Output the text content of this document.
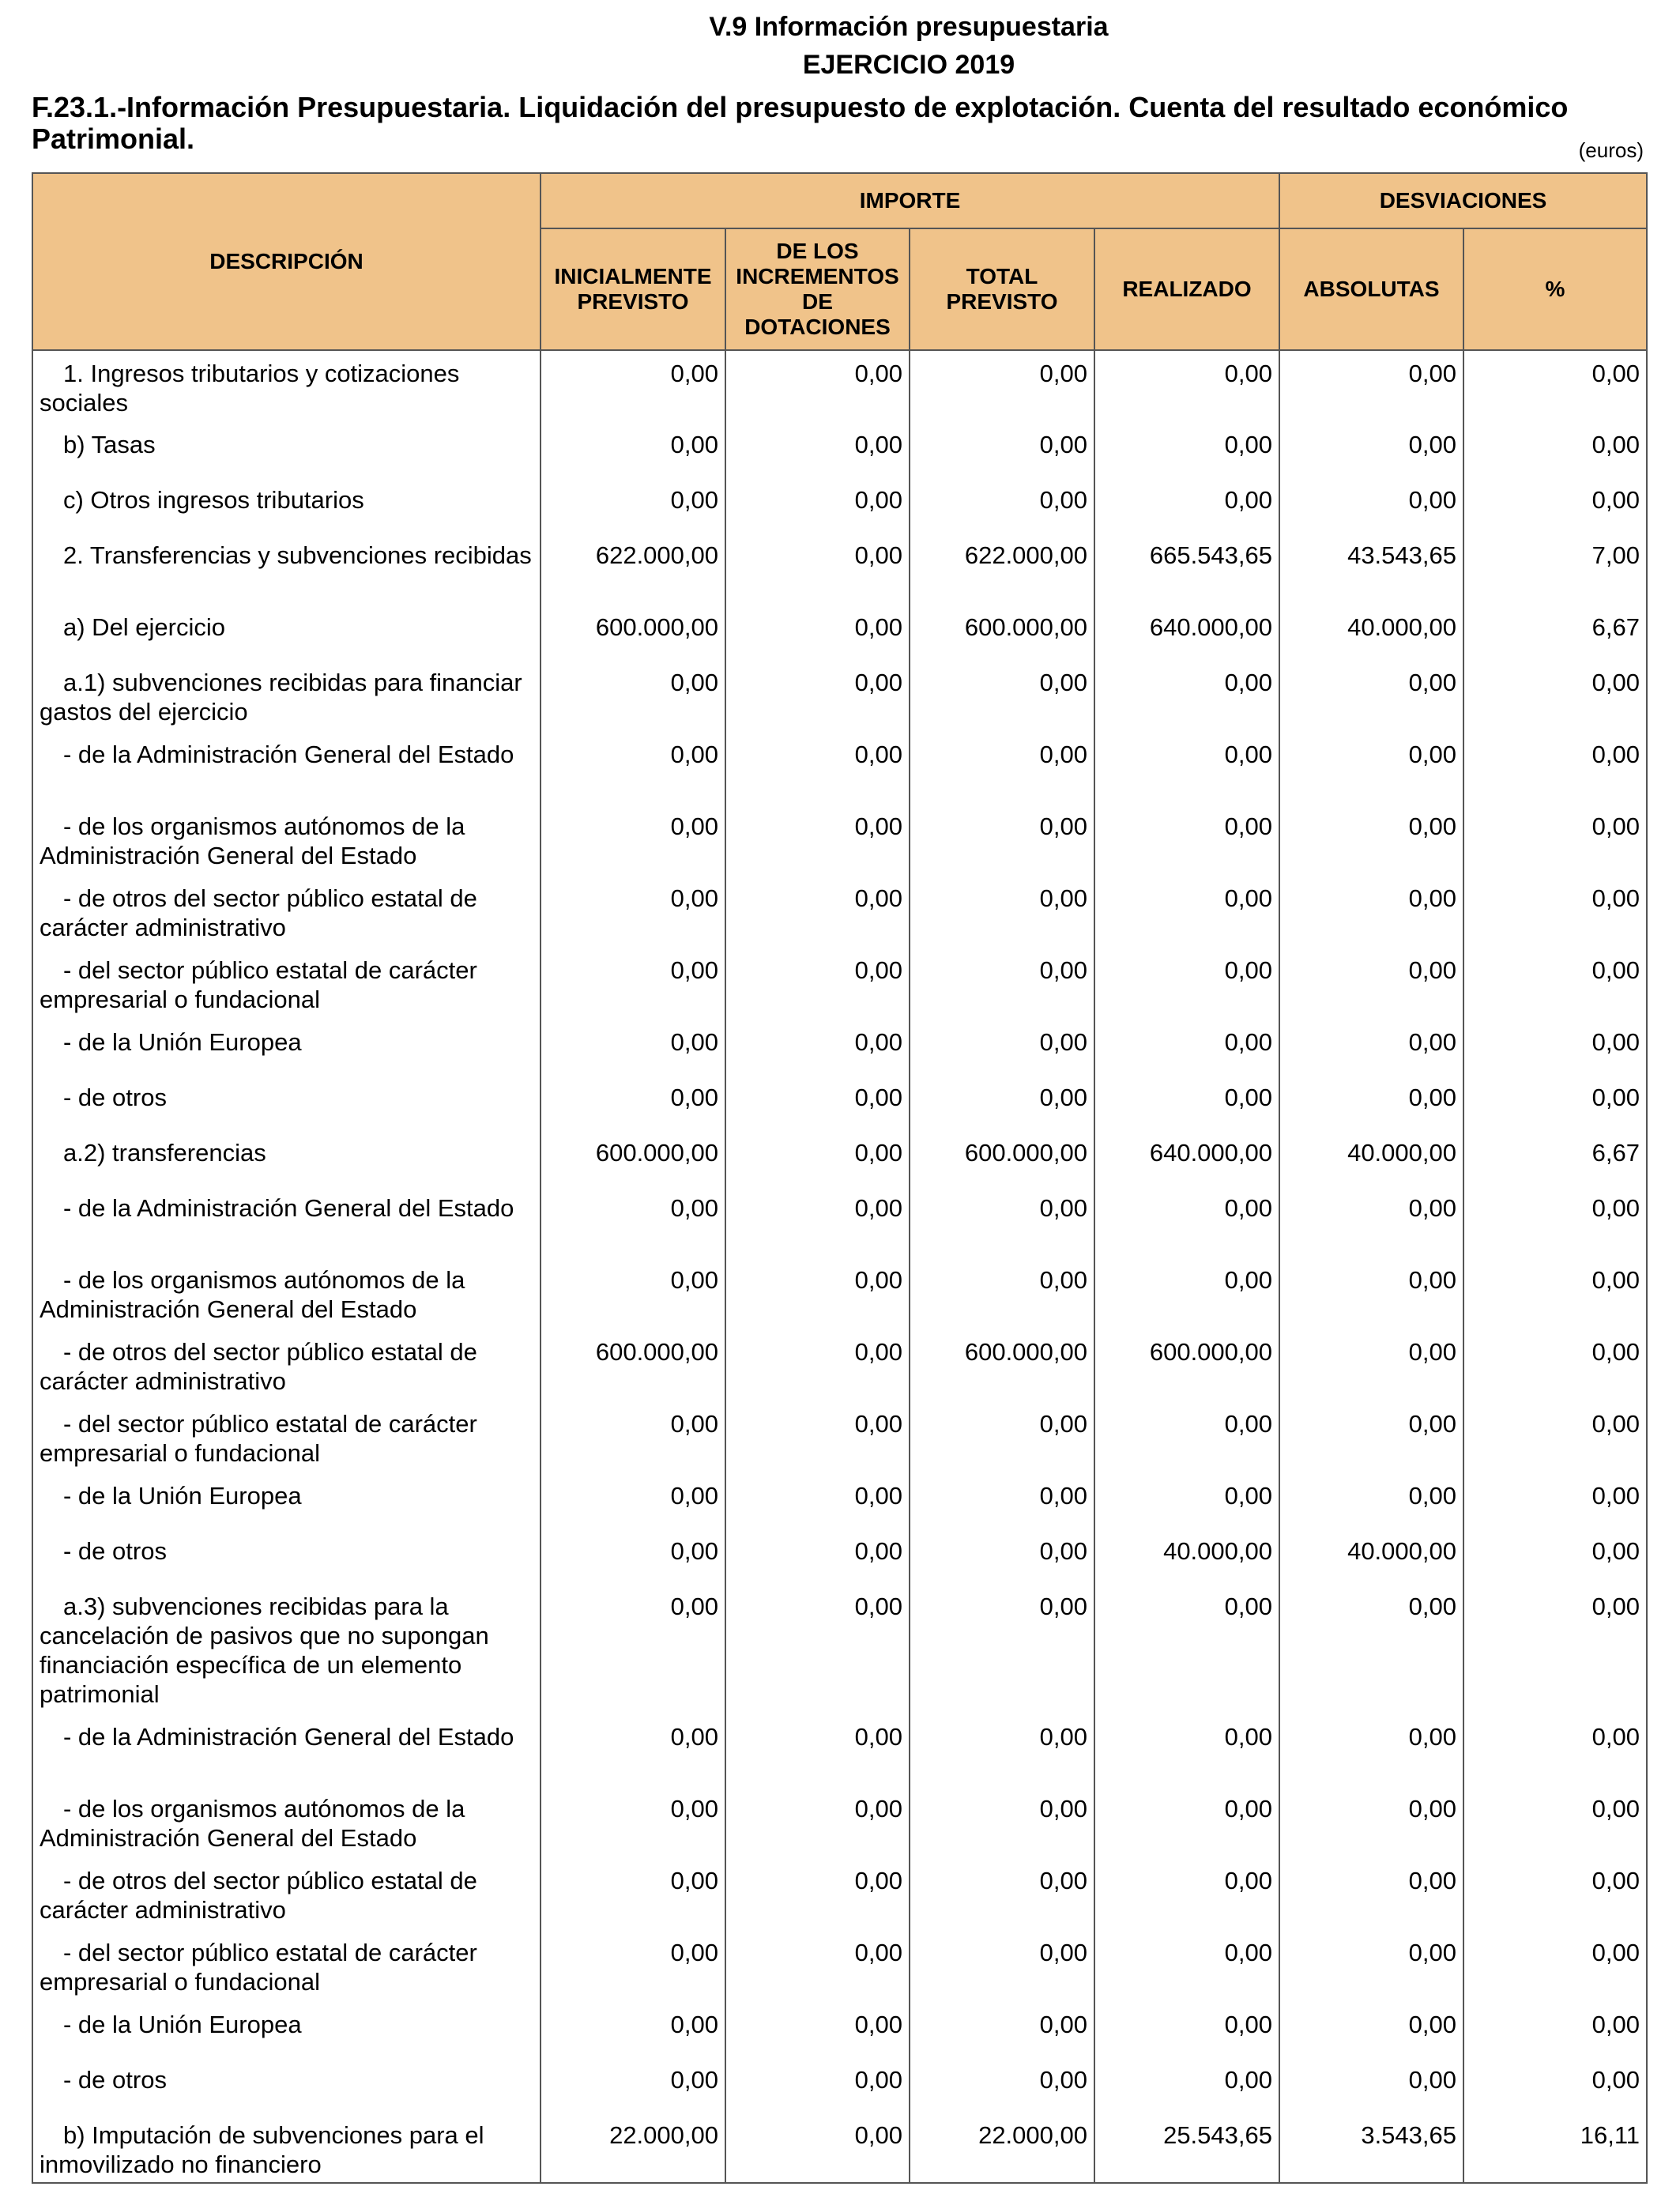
V.9 Información presupuestaria
EJERCICIO 2019
F.23.1.-Información Presupuestaria. Liquidación del presupuesto de explotación. Cuenta del resultado económico Patrimonial.	(euros)
DESCRIPCIÓN	IMPORTE				DESVIACIONES	
	INICIALMENTE PREVISTO	DE LOS INCREMENTOS DE DOTACIONES	TOTAL PREVISTO	REALIZADO	ABSOLUTAS	%
1. Ingresos tributarios y cotizaciones sociales	0,00	0,00	0,00	0,00	0,00	0,00
b) Tasas	0,00	0,00	0,00	0,00	0,00	0,00
c) Otros ingresos tributarios	0,00	0,00	0,00	0,00	0,00	0,00
2. Transferencias y subvenciones recibidas	622.000,00	0,00	622.000,00	665.543,65	43.543,65	7,00
a) Del ejercicio	600.000,00	0,00	600.000,00	640.000,00	40.000,00	6,67
a.1) subvenciones recibidas para financiar gastos del ejercicio	0,00	0,00	0,00	0,00	0,00	0,00
- de la Administración General del Estado	0,00	0,00	0,00	0,00	0,00	0,00
- de los organismos autónomos de la Administración General del Estado	0,00	0,00	0,00	0,00	0,00	0,00
- de otros del sector público estatal de carácter administrativo	0,00	0,00	0,00	0,00	0,00	0,00
- del sector público estatal de carácter empresarial o fundacional	0,00	0,00	0,00	0,00	0,00	0,00
- de la Unión Europea	0,00	0,00	0,00	0,00	0,00	0,00
- de otros	0,00	0,00	0,00	0,00	0,00	0,00
a.2) transferencias	600.000,00	0,00	600.000,00	640.000,00	40.000,00	6,67
- de la Administración General del Estado	0,00	0,00	0,00	0,00	0,00	0,00
- de los organismos autónomos de la Administración General del Estado	0,00	0,00	0,00	0,00	0,00	0,00
- de otros del sector público estatal de carácter administrativo	600.000,00	0,00	600.000,00	600.000,00	0,00	0,00
- del sector público estatal de carácter empresarial o fundacional	0,00	0,00	0,00	0,00	0,00	0,00
- de la Unión Europea	0,00	0,00	0,00	0,00	0,00	0,00
- de otros	0,00	0,00	0,00	40.000,00	40.000,00	0,00
a.3) subvenciones recibidas para la cancelación de pasivos que no supongan financiación específica de un elemento patrimonial	0,00	0,00	0,00	0,00	0,00	0,00
- de la Administración General del Estado	0,00	0,00	0,00	0,00	0,00	0,00
- de los organismos autónomos de la Administración General del Estado	0,00	0,00	0,00	0,00	0,00	0,00
- de otros del sector público estatal de carácter administrativo	0,00	0,00	0,00	0,00	0,00	0,00
- del sector público estatal de carácter empresarial o fundacional	0,00	0,00	0,00	0,00	0,00	0,00
- de la Unión Europea	0,00	0,00	0,00	0,00	0,00	0,00
- de otros	0,00	0,00	0,00	0,00	0,00	0,00
b) Imputación de subvenciones para el inmovilizado no financiero	22.000,00	0,00	22.000,00	25.543,65	3.543,65	16,11
